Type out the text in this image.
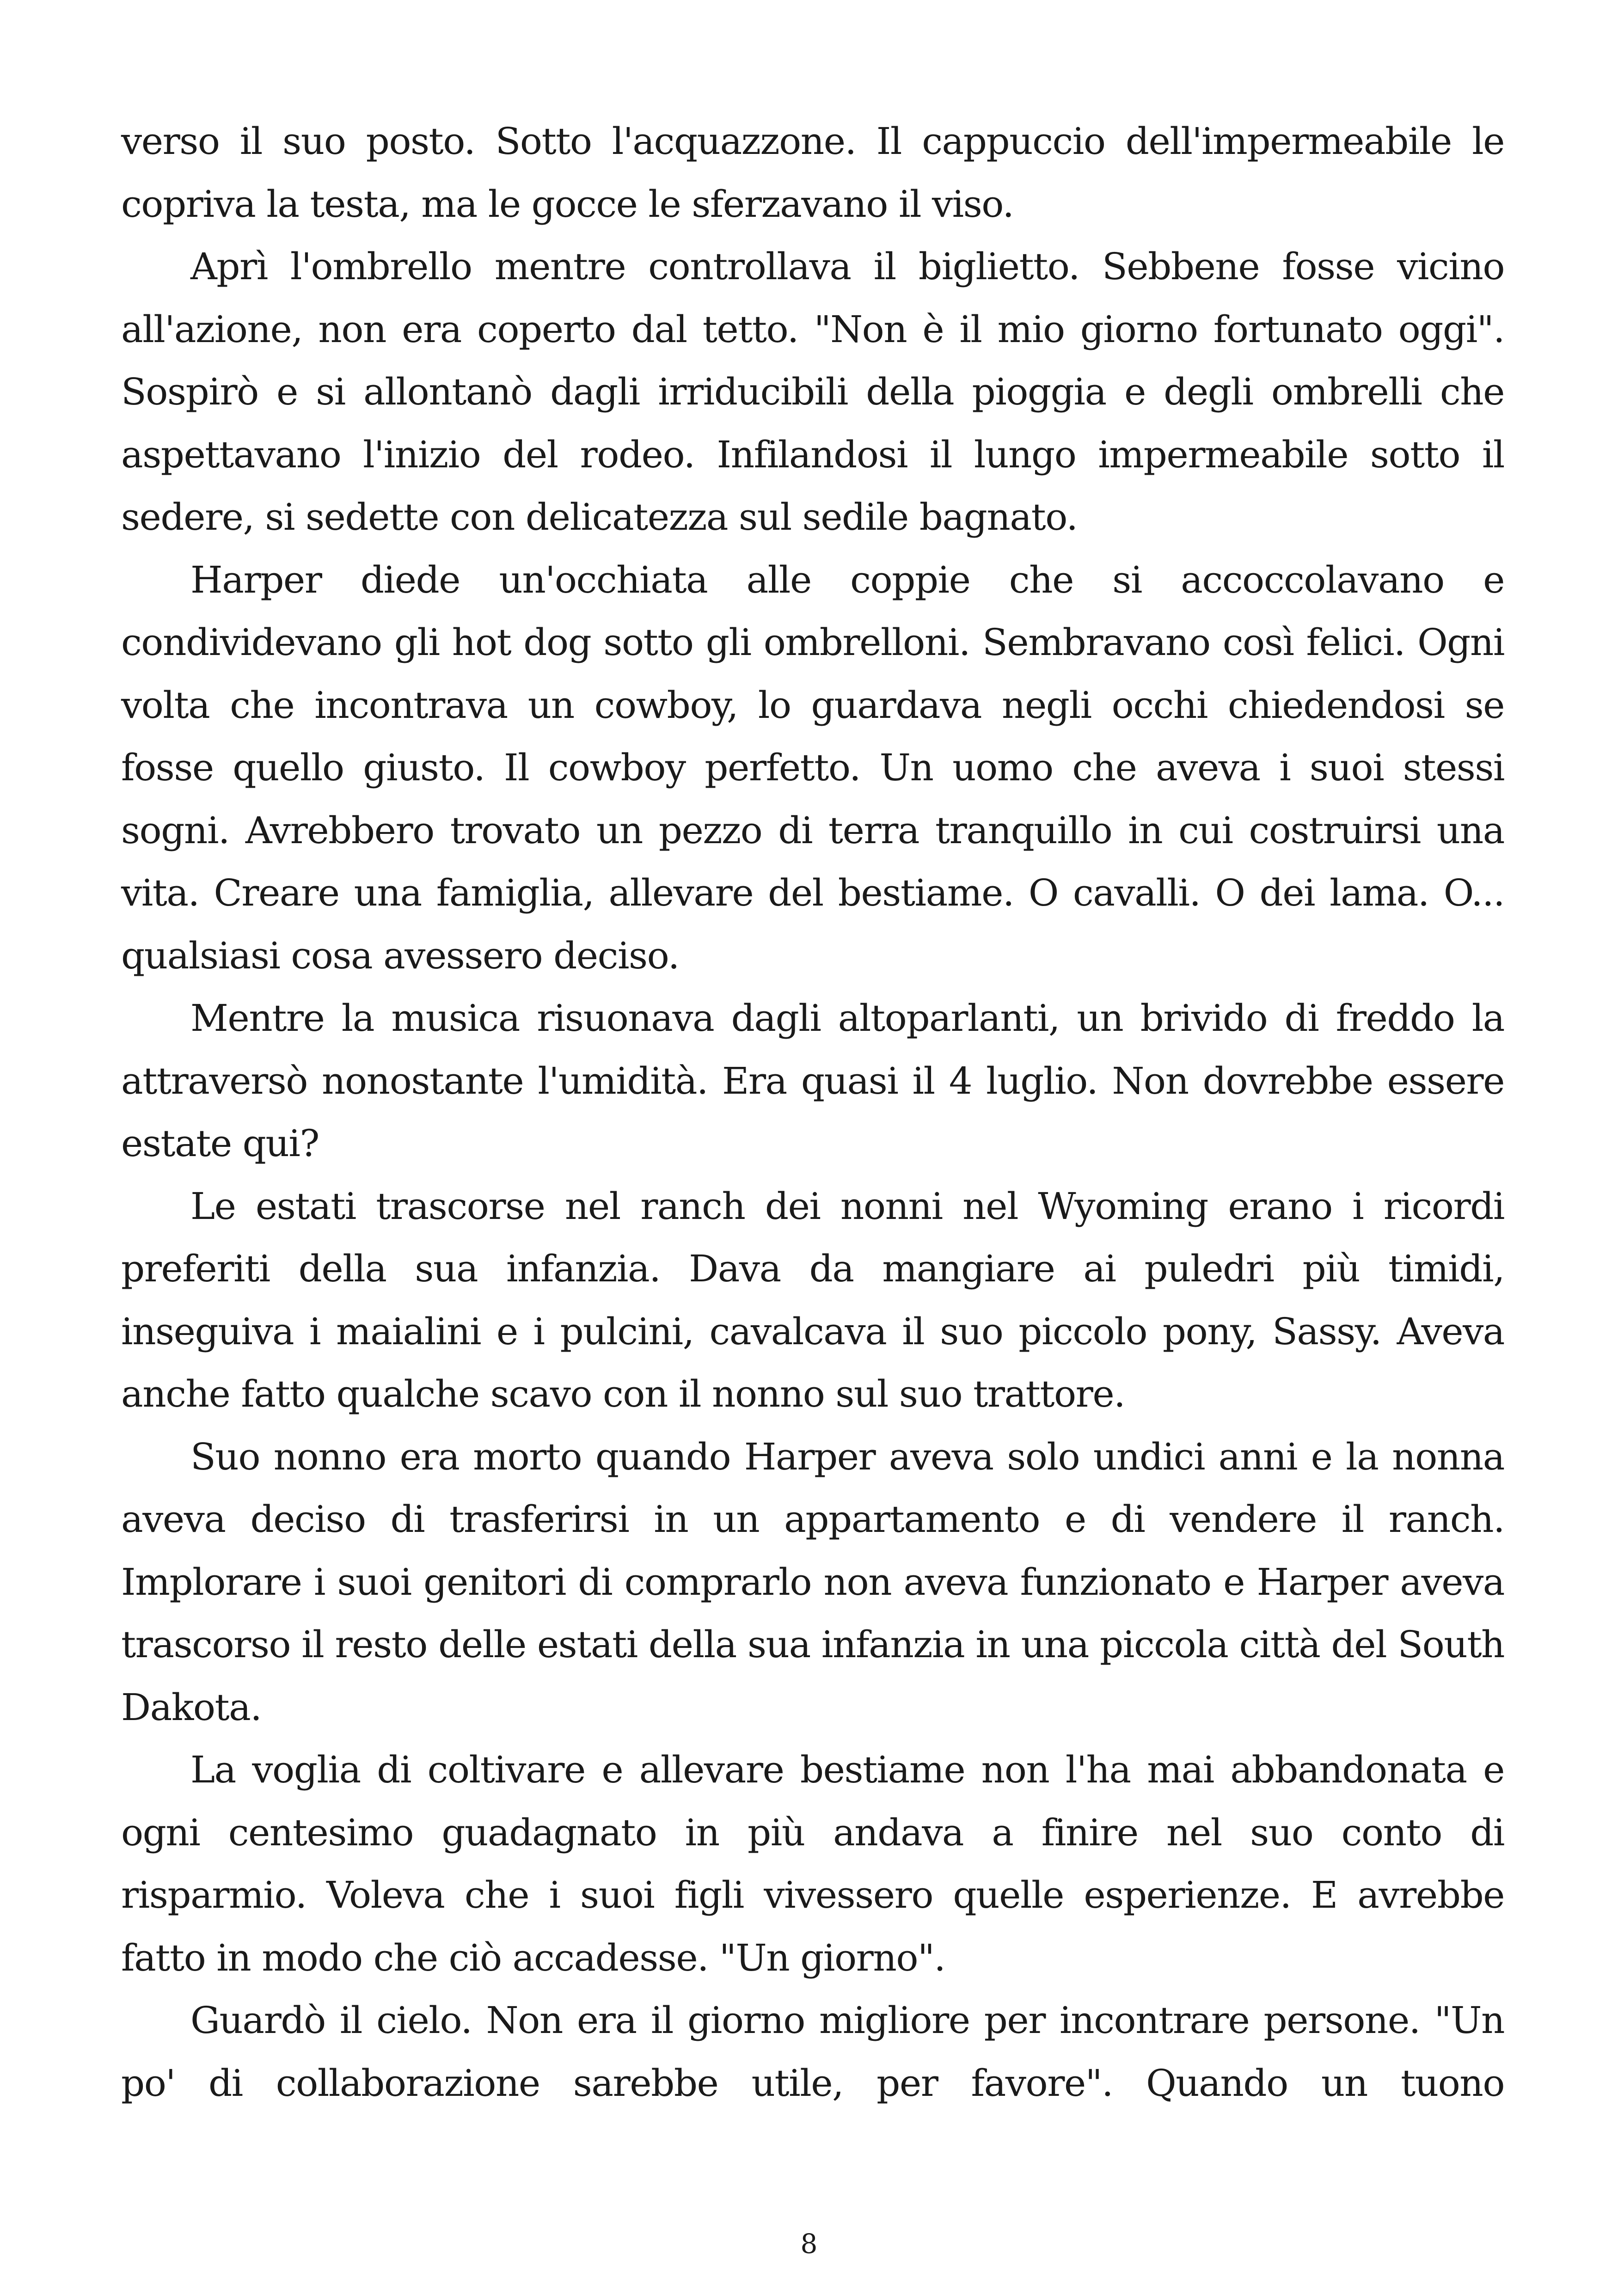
verso il suo posto. Sotto l'acquazzone. Il cappuccio dell'impermeabile le copriva la testa, ma le gocce le sferzavano il viso.

Aprì l'ombrello mentre controllava il biglietto. Sebbene fosse vicino all'azione, non era coperto dal tetto. "Non è il mio giorno fortunato oggi". Sospirò e si allontanò dagli irriducibili della pioggia e degli ombrelli che aspettavano l'inizio del rodeo. Infilandosi il lungo impermeabile sotto il sedere, si sedette con delicatezza sul sedile bagnato.

Harper diede un'occhiata alle coppie che si accoccolavano e condividevano gli hot dog sotto gli ombrelloni. Sembravano così felici. Ogni volta che incontrava un cowboy, lo guardava negli occhi chiedendosi se fosse quello giusto. Il cowboy perfetto. Un uomo che aveva i suoi stessi sogni. Avrebbero trovato un pezzo di terra tranquillo in cui costruirsi una vita. Creare una famiglia, allevare del bestiame. O cavalli. O dei lama. O... qualsiasi cosa avessero deciso.

Mentre la musica risuonava dagli altoparlanti, un brivido di freddo la attraversò nonostante l'umidità. Era quasi il 4 luglio. Non dovrebbe essere estate qui?

Le estati trascorse nel ranch dei nonni nel Wyoming erano i ricordi preferiti della sua infanzia. Dava da mangiare ai puledri più timidi, inseguiva i maialini e i pulcini, cavalcava il suo piccolo pony, Sassy. Aveva anche fatto qualche scavo con il nonno sul suo trattore.

Suo nonno era morto quando Harper aveva solo undici anni e la nonna aveva deciso di trasferirsi in un appartamento e di vendere il ranch. Implorare i suoi genitori di comprarlo non aveva funzionato e Harper aveva trascorso il resto delle estati della sua infanzia in una piccola città del South Dakota.

La voglia di coltivare e allevare bestiame non l'ha mai abbandonata e ogni centesimo guadagnato in più andava a finire nel suo conto di risparmio. Voleva che i suoi figli vivessero quelle esperienze. E avrebbe fatto in modo che ciò accadesse. "Un giorno".

Guardò il cielo. Non era il giorno migliore per incontrare persone. "Un po' di collaborazione sarebbe utile, per favore". Quando un tuono

8
